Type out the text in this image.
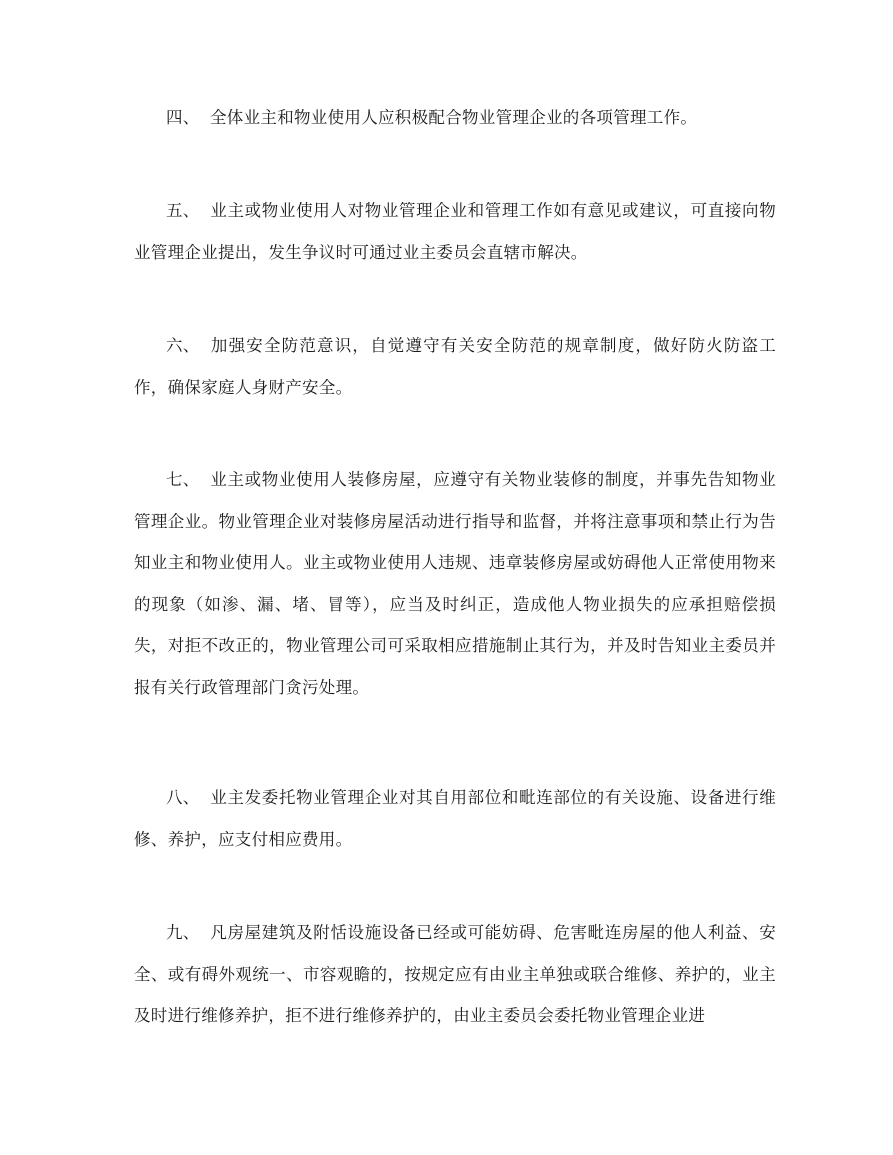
四、 全体业主和物业使用人应积极配合物业管理企业的各项管理工作。

五、 业主或物业使用人对物业管理企业和管理工作如有意见或建议，可直接向物业管理企业提出，发生争议时可通过业主委员会直辖市解决。

六、 加强安全防范意识，自觉遵守有关安全防范的规章制度，做好防火防盗工作，确保家庭人身财产安全。

七、 业主或物业使用人装修房屋，应遵守有关物业装修的制度，并事先告知物业管理企业。物业管理企业对装修房屋活动进行指导和监督，并将注意事项和禁止行为告知业主和物业使用人。业主或物业使用人违规、违章装修房屋或妨碍他人正常使用物来的现象（如渗、漏、堵、冒等），应当及时纠正，造成他人物业损失的应承担赔偿损失，对拒不改正的，物业管理公司可采取相应措施制止其行为，并及时告知业主委员并报有关行政管理部门贪污处理。

八、 业主发委托物业管理企业对其自用部位和毗连部位的有关设施、设备进行维修、养护，应支付相应费用。

九、 凡房屋建筑及附恬设施设备已经或可能妨碍、危害毗连房屋的他人利益、安全、或有碍外观统一、市容观瞻的，按规定应有由业主单独或联合维修、养护的，业主及时进行维修养护，拒不进行维修养护的，由业主委员会委托物业管理企业进
